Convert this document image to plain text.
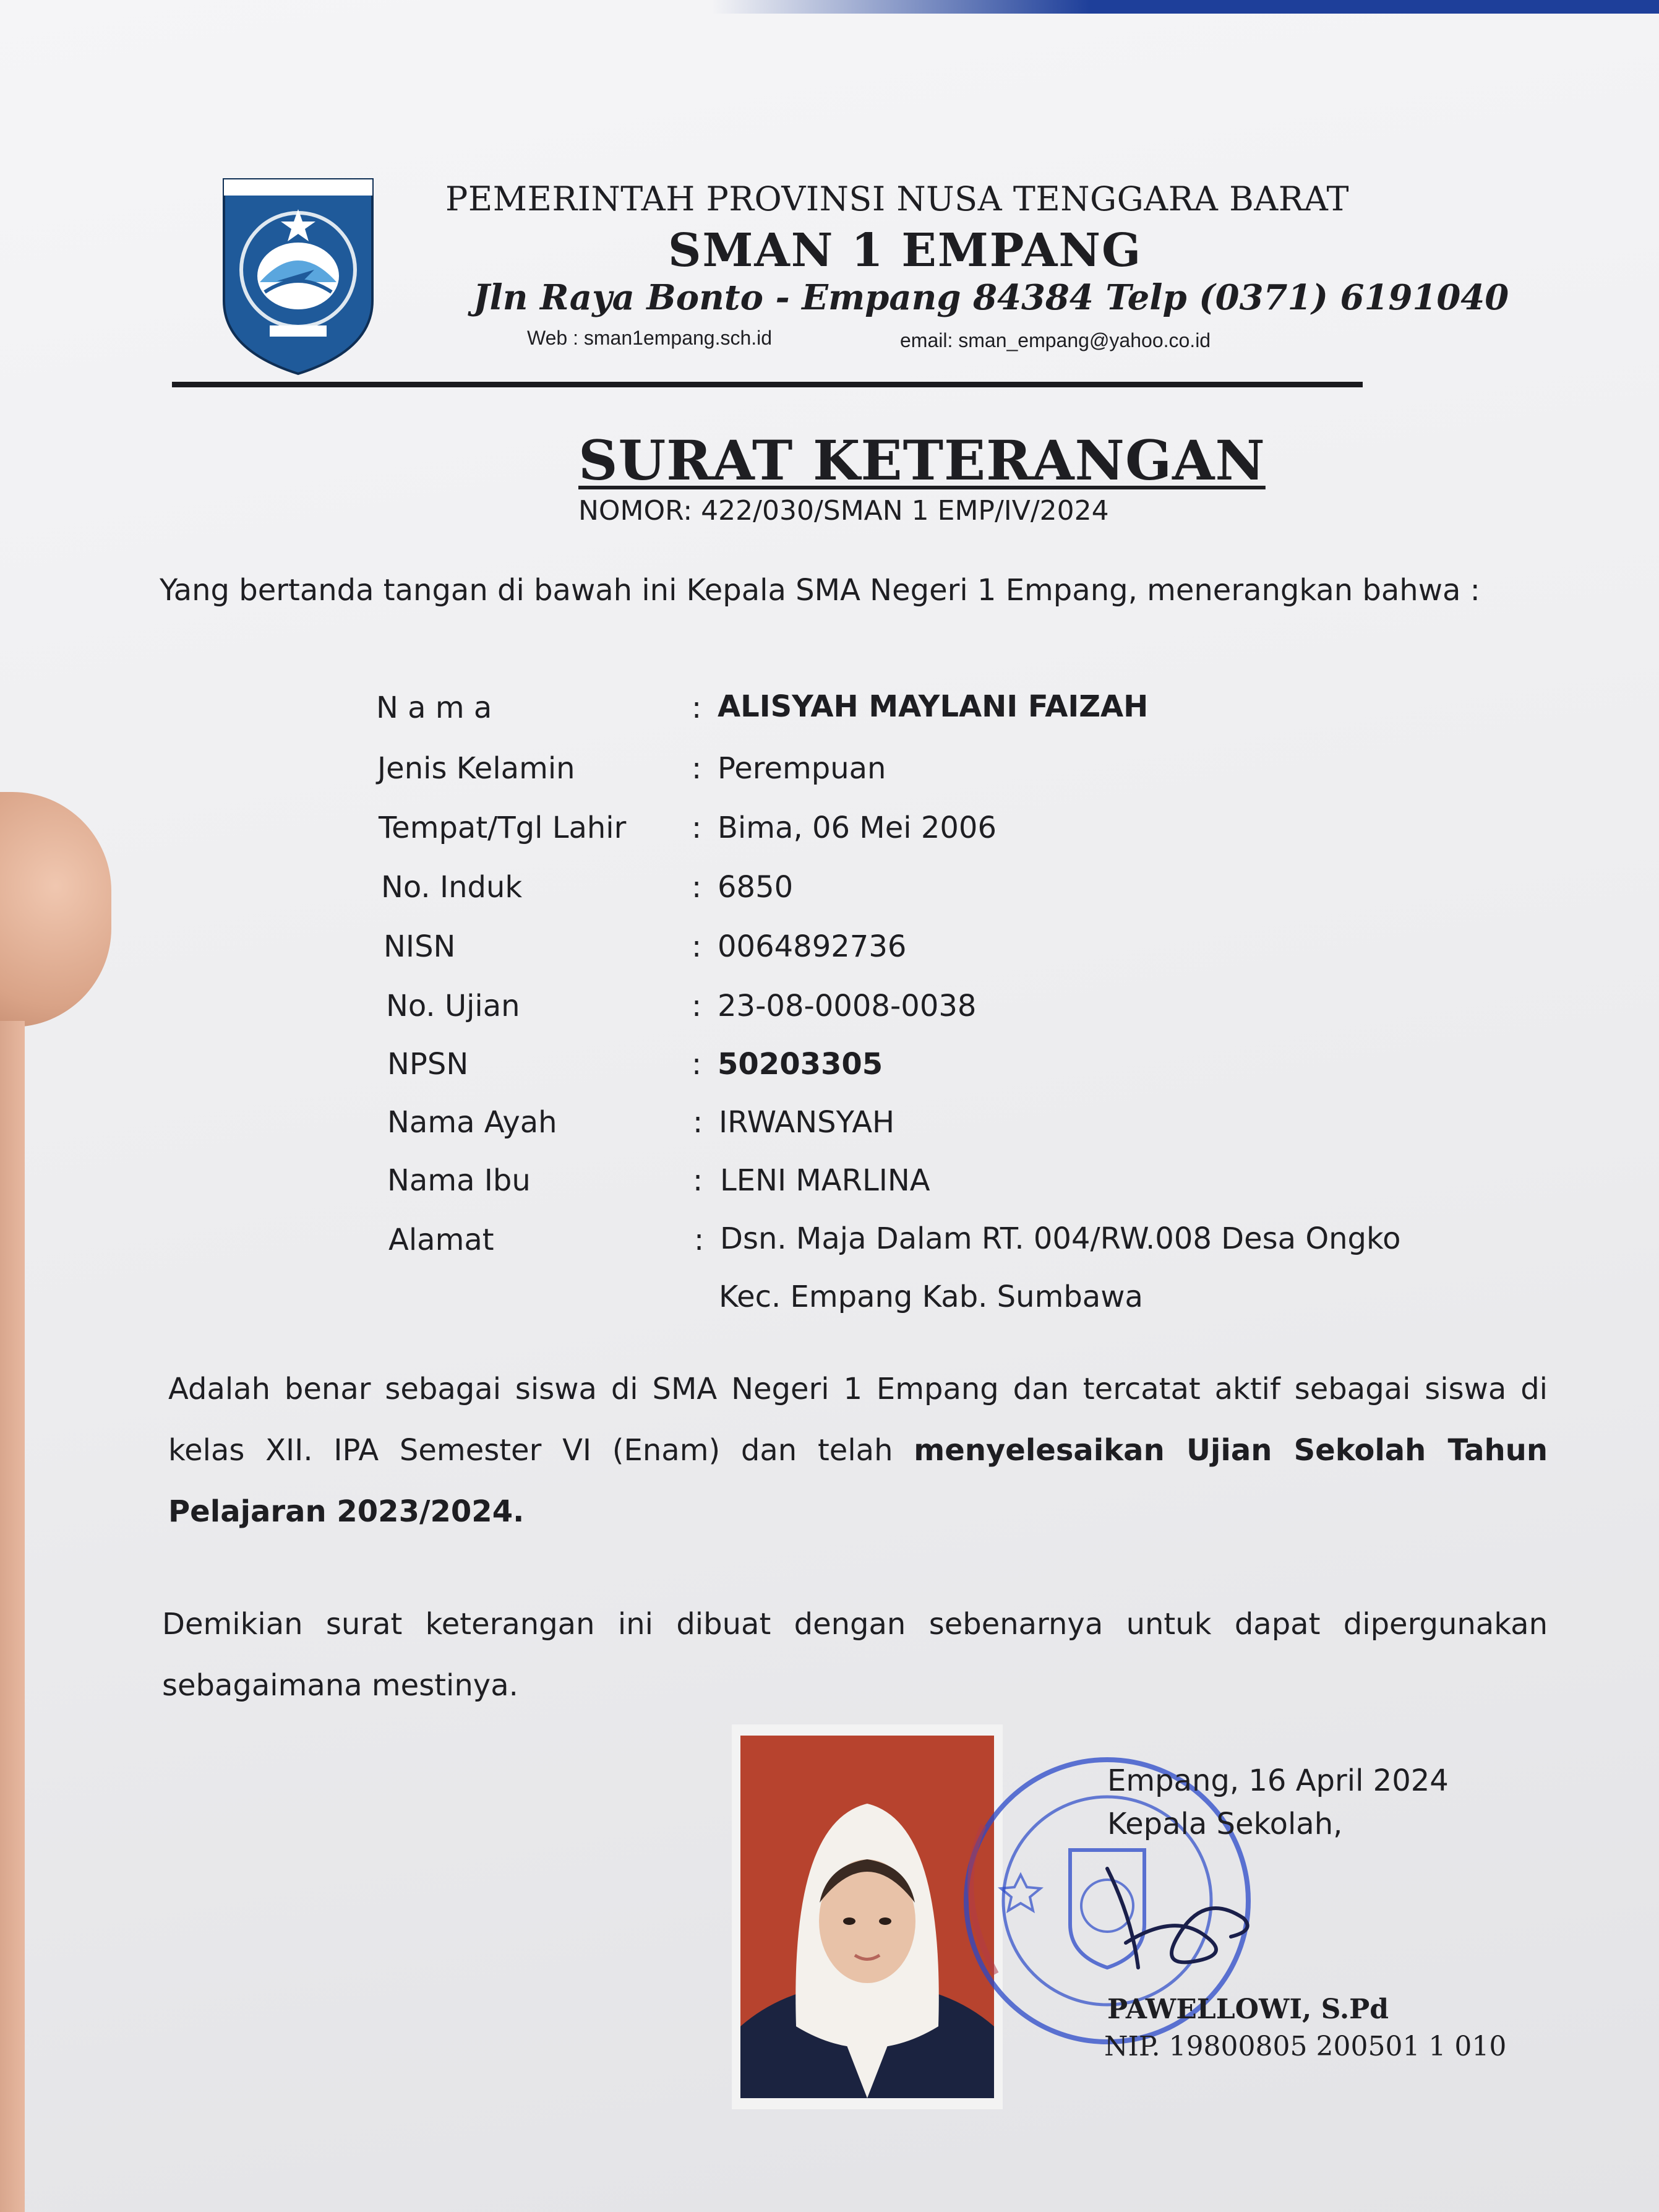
PEMERINTAH PROVINSI NUSA TENGGARA BARAT
SMAN 1 EMPANG
Jln Raya Bonto - Empang 84384 Telp (0371) 6191040
Web : sman1empang.sch.id	email: sman_empang@yahoo.co.id
SURAT KETERANGAN
NOMOR: 422/030/SMAN 1 EMP/IV/2024
Yang bertanda tangan di bawah ini Kepala SMA Negeri 1 Empang, menerangkan bahwa :
N a m a	: ALISYAH MAYLANI FAIZAH
Jenis Kelamin	: Perempuan
Tempat/Tgl Lahir : Bima, 06 Mei 2006
No. Induk	: 6850
NISN	: 0064892736
No. Ujian	: 23-08-0008-0038
NPSN	: 50203305
Nama Ayah	: IRWANSYAH
Nama Ibu	: LENI MARLINA
Alamat	: Dsn. Maja Dalam RT. 004/RW.008 Desa Ongko
Kec. Empang Kab. Sumbawa
Adalah benar sebagai siswa di SMA Negeri 1 Empang dan tercatat aktif sebagai siswa di kelas XII. IPA Semester VI (Enam) dan telah menyelesaikan Ujian Sekolah Tahun Pelajaran 2023/2024.
Demikian surat keterangan ini dibuat dengan sebenarnya untuk dapat dipergunakan sebagaimana mestinya.
Empang, 16 April 2024
Kepala Sekolah,
PAWELLOWI, S.Pd
NIP. 19800805 200501 1 010
